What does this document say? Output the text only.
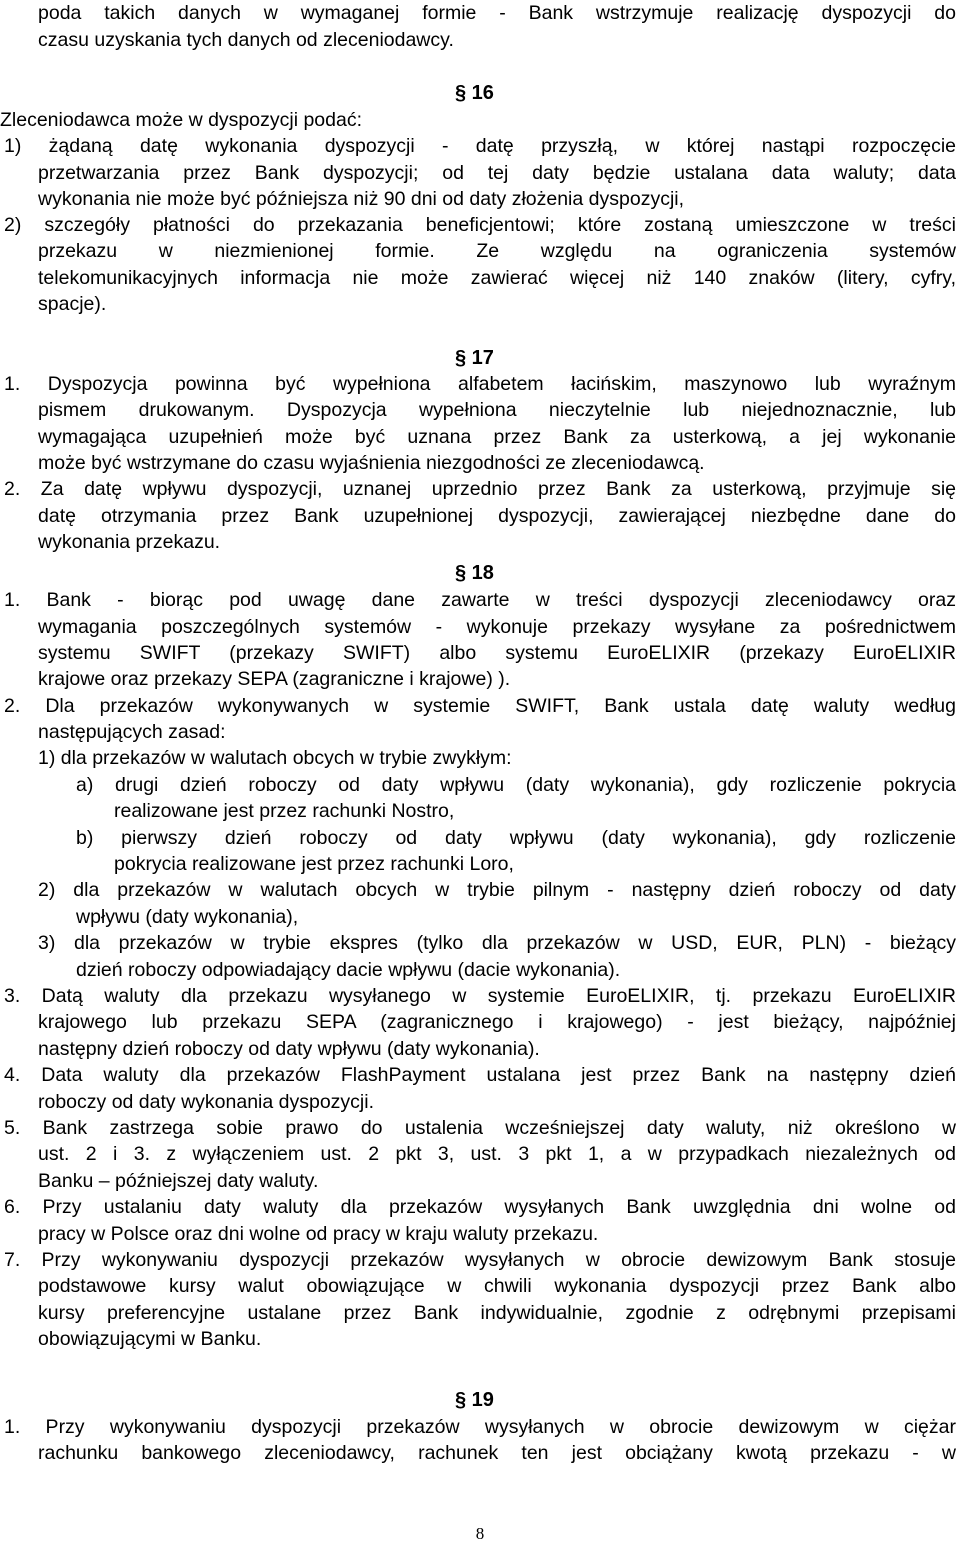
poda takich danych w wymaganej formie - Bank wstrzymuje realizację dyspozycji do

czasu uzyskania tych danych od zleceniodawcy.

§ 16

Zleceniodawca może w dyspozycji podać:

1) żądaną datę wykonania dyspozycji - datę przyszłą, w której nastąpi rozpoczęcie

przetwarzania przez Bank dyspozycji; od tej daty będzie ustalana data waluty; data

wykonania nie może być późniejsza niż 90 dni od daty złożenia dyspozycji,

2) szczegóły płatności do przekazania beneficjentowi; które zostaną umieszczone w treści

przekazu w niezmienionej formie. Ze względu na ograniczenia systemów

telekomunikacyjnych informacja nie może zawierać więcej niż 140 znaków (litery, cyfry,

spacje).

§ 17

1. Dyspozycja powinna być wypełniona alfabetem łacińskim, maszynowo lub wyraźnym

pismem drukowanym. Dyspozycja wypełniona nieczytelnie lub niejednoznacznie, lub

wymagająca uzupełnień może być uznana przez Bank za usterkową, a jej wykonanie

może być wstrzymane do czasu wyjaśnienia niezgodności ze zleceniodawcą.

2. Za datę wpływu dyspozycji, uznanej uprzednio przez Bank za usterkową, przyjmuje się

datę otrzymania przez Bank uzupełnionej dyspozycji, zawierającej niezbędne dane do

wykonania przekazu.

§ 18

1. Bank - biorąc pod uwagę dane zawarte w treści dyspozycji zleceniodawcy oraz

wymagania poszczególnych systemów - wykonuje przekazy wysyłane za pośrednictwem

systemu SWIFT (przekazy SWIFT) albo systemu EuroELIXIR (przekazy EuroELIXIR

krajowe oraz przekazy SEPA (zagraniczne i krajowe) ).

2. Dla przekazów wykonywanych w systemie SWIFT, Bank ustala datę waluty według

następujących zasad:

1) dla przekazów w walutach obcych w trybie zwykłym:

a) drugi dzień roboczy od daty wpływu (daty wykonania), gdy rozliczenie pokrycia

realizowane jest przez rachunki Nostro,

b) pierwszy dzień roboczy od daty wpływu (daty wykonania), gdy rozliczenie

pokrycia realizowane jest przez rachunki Loro,

2) dla przekazów w walutach obcych w trybie pilnym - następny dzień roboczy od daty

wpływu (daty wykonania),

3) dla przekazów w trybie ekspres (tylko dla przekazów w USD, EUR, PLN) - bieżący

dzień roboczy odpowiadający dacie wpływu (dacie wykonania).

3. Datą waluty dla przekazu wysyłanego w systemie EuroELIXIR, tj. przekazu EuroELIXIR

krajowego lub przekazu SEPA (zagranicznego i krajowego) - jest bieżący, najpóźniej

następny dzień roboczy od daty wpływu (daty wykonania).

4. Data waluty dla przekazów FlashPayment ustalana jest przez Bank na następny dzień

roboczy od daty wykonania dyspozycji.

5. Bank zastrzega sobie prawo do ustalenia wcześniejszej daty waluty, niż określono w

ust. 2 i 3. z wyłączeniem ust. 2 pkt 3, ust. 3 pkt 1, a w przypadkach niezależnych od

Banku – późniejszej daty waluty.

6. Przy ustalaniu daty waluty dla przekazów wysyłanych Bank uwzględnia dni wolne od

pracy w Polsce oraz dni wolne od pracy w kraju waluty przekazu.

7. Przy wykonywaniu dyspozycji przekazów wysyłanych w obrocie dewizowym Bank stosuje

podstawowe kursy walut obowiązujące w chwili wykonania dyspozycji przez Bank albo

kursy preferencyjne ustalane przez Bank indywidualnie, zgodnie z odrębnymi przepisami

obowiązującymi w Banku.

§ 19

1. Przy wykonywaniu dyspozycji przekazów wysyłanych w obrocie dewizowym w ciężar

rachunku bankowego zleceniodawcy, rachunek ten jest obciążany kwotą przekazu - w

8
